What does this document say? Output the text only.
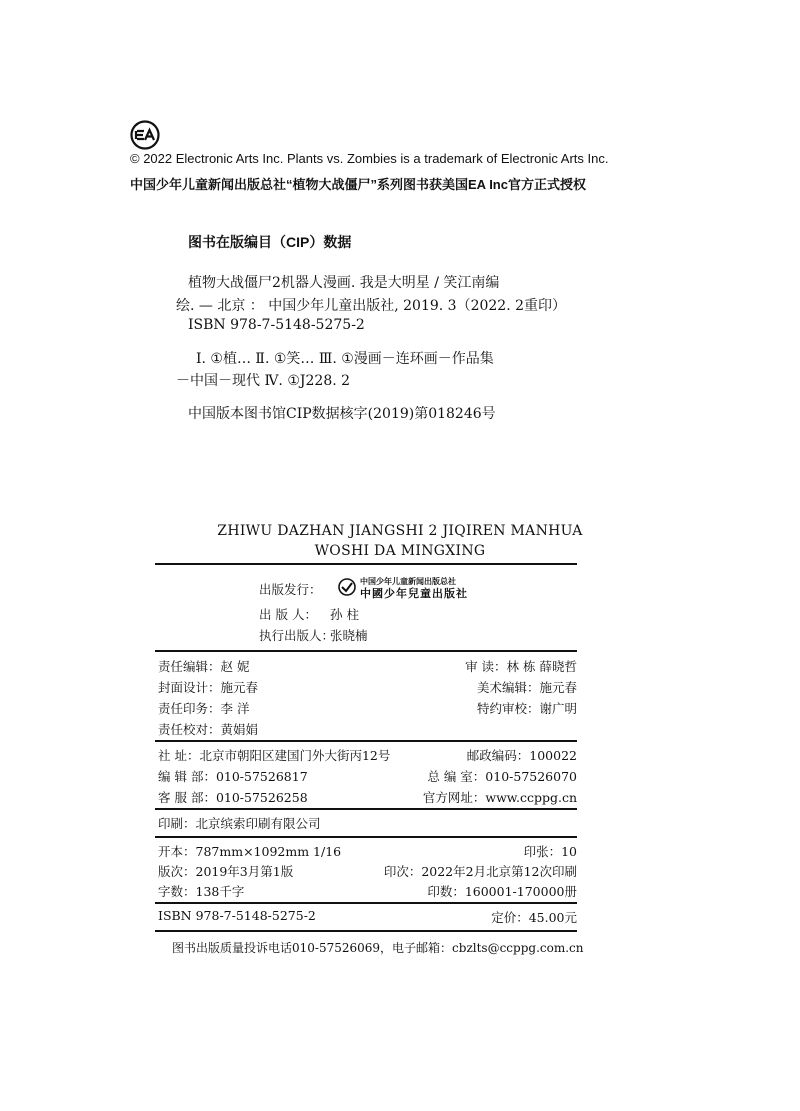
© 2022 Electronic Arts Inc. Plants vs. Zombies is a trademark of Electronic Arts Inc.
中国少年儿童新闻出版总社“植物大战僵尸”系列图书获美国EA Inc官方正式授权
图书在版编目（CIP）数据
植物大战僵尸2机器人漫画. 我是大明星 / 笑江南编
绘. — 北京 ： 中国少年儿童出版社, 2019. 3（2022. 2重印）
ISBN 978-7-5148-5275-2
Ⅰ. ①植… Ⅱ. ①笑… Ⅲ. ①漫画－连环画－作品集
－中国－现代 Ⅳ. ①J228. 2
中国版本图书馆CIP数据核字(2019)第018246号
ZHIWU DAZHAN JIANGSHI 2 JIQIREN MANHUA
WOSHI DA MINGXING
出版发行：
中国少年儿童新闻出版总社
中國少年兒童出版社
出 版 人： 孙 柱
执行出版人：
张晓楠
责任编辑：赵 妮	审 读：林 栋 薛晓哲
封面设计：施元春	美术编辑：施元春
责任印务：李 洋	特约审校：谢广明
责任校对：黄娟娟
社 址：北京市朝阳区建国门外大街丙12号	邮政编码：100022
编 辑 部：010-57526817	总 编 室：010-57526070
客 服 部：010-57526258	官方网址：www.ccppg.cn
印刷：北京缤索印刷有限公司
开本：787mm×1092mm 1/16	印张：10
版次：2019年3月第1版	印次：2022年2月北京第12次印刷
字数：138千字	印数：160001-170000册
ISBN 978-7-5148-5275-2	定价：45.00元
图书出版质量投诉电话010-57526069，电子邮箱：cbzlts@ccppg.com.cn
